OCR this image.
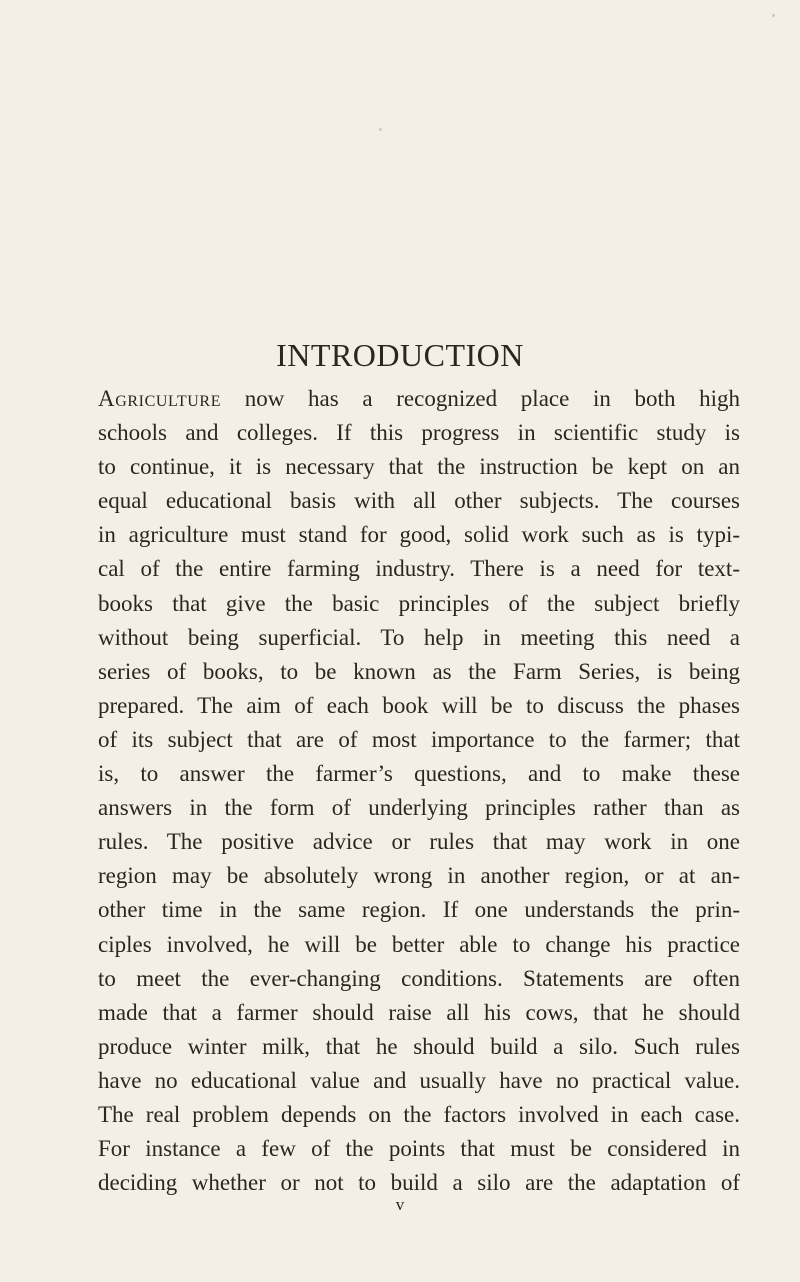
INTRODUCTION
Agriculture now has a recognized place in both high
schools and colleges. If this progress in scientific study is
to continue, it is necessary that the instruction be kept on an
equal educational basis with all other subjects. The courses
in agriculture must stand for good, solid work such as is typi-
cal of the entire farming industry. There is a need for text-
books that give the basic principles of the subject briefly
without being superficial. To help in meeting this need a
series of books, to be known as the Farm Series, is being
prepared. The aim of each book will be to discuss the phases
of its subject that are of most importance to the farmer; that
is, to answer the farmer’s questions, and to make these
answers in the form of underlying principles rather than as
rules. The positive advice or rules that may work in one
region may be absolutely wrong in another region, or at an-
other time in the same region. If one understands the prin-
ciples involved, he will be better able to change his practice
to meet the ever-changing conditions. Statements are often
made that a farmer should raise all his cows, that he should
produce winter milk, that he should build a silo. Such rules
have no educational value and usually have no practical value.
The real problem depends on the factors involved in each case.
For instance a few of the points that must be considered in
deciding whether or not to build a silo are the adaptation of
v
